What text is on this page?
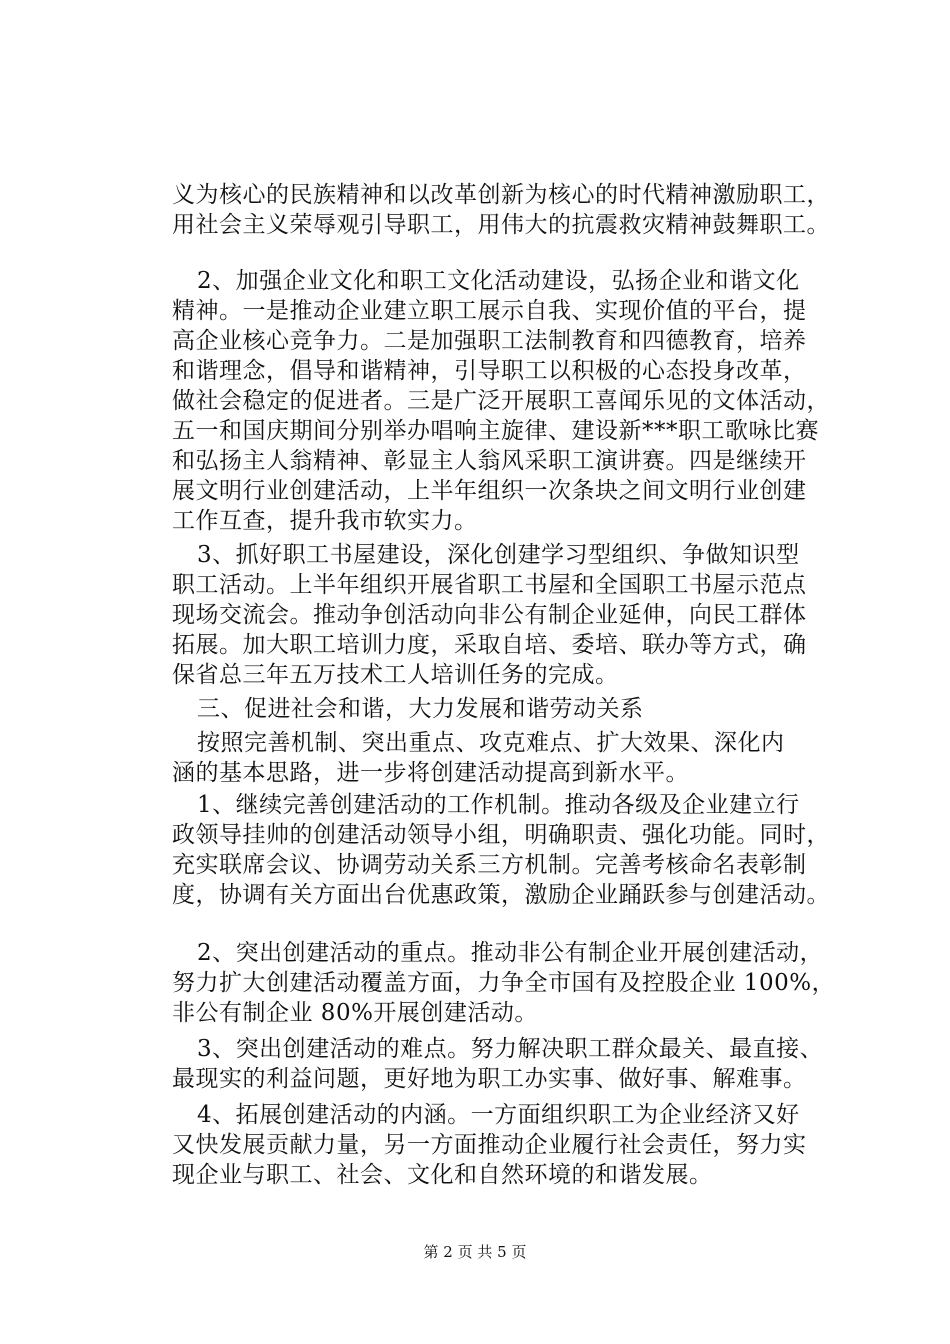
义为核心的民族精神和以改革创新为核心的时代精神激励职工，
用社会主义荣辱观引导职工，用伟大的抗震救灾精神鼓舞职工。
2、加强企业文化和职工文化活动建设，弘扬企业和谐文化
精神。一是推动企业建立职工展示自我、实现价值的平台，提
高企业核心竞争力。二是加强职工法制教育和四德教育，培养
和谐理念，倡导和谐精神，引导职工以积极的心态投身改革，
做社会稳定的促进者。三是广泛开展职工喜闻乐见的文体活动，
五一和国庆期间分别举办唱响主旋律、建设新***职工歌咏比赛
和弘扬主人翁精神、彰显主人翁风采职工演讲赛。四是继续开
展文明行业创建活动，上半年组织一次条块之间文明行业创建
工作互查，提升我市软实力。
3、抓好职工书屋建设，深化创建学习型组织、争做知识型
职工活动。上半年组织开展省职工书屋和全国职工书屋示范点
现场交流会。推动争创活动向非公有制企业延伸，向民工群体
拓展。加大职工培训力度，采取自培、委培、联办等方式，确
保省总三年五万技术工人培训任务的完成。
三、促进社会和谐，大力发展和谐劳动关系
按照完善机制、突出重点、攻克难点、扩大效果、深化内
涵的基本思路，进一步将创建活动提高到新水平。
1、继续完善创建活动的工作机制。推动各级及企业建立行
政领导挂帅的创建活动领导小组，明确职责、强化功能。同时，
充实联席会议、协调劳动关系三方机制。完善考核命名表彰制
度，协调有关方面出台优惠政策，激励企业踊跃参与创建活动。
2、突出创建活动的重点。推动非公有制企业开展创建活动，
努力扩大创建活动覆盖方面，力争全市国有及控股企业 100%，
非公有制企业 80%开展创建活动。
3、突出创建活动的难点。努力解决职工群众最关、最直接、
最现实的利益问题，更好地为职工办实事、做好事、解难事。
4、拓展创建活动的内涵。一方面组织职工为企业经济又好
又快发展贡献力量，另一方面推动企业履行社会责任，努力实
现企业与职工、社会、文化和自然环境的和谐发展。
第 2 页 共 5 页
